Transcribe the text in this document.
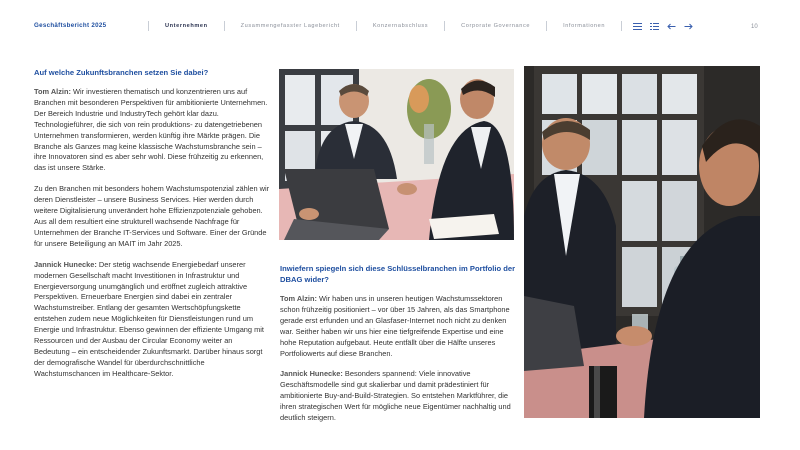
Geschäftsbericht 2025	Unternehmen	Zusammengefasster Lagebericht	Konzernabschluss	Corporate Governance	Informationen	10
Auf welche Zukunftsbranchen setzen Sie dabei?

Tom Alzin: Wir investieren thematisch und konzentrieren uns auf Branchen mit besonderen Perspektiven für ambitionierte Unternehmen. Der Bereich Industrie und IndustryTech gehört klar dazu. Technologieführer, die sich von rein produktions- zu datengetriebenen Unternehmen transformieren, werden künftig ihre Märkte prägen. Die Branche als Ganzes mag keine klassische Wachstumsbranche sein – ihre Innovatoren sind es aber sehr wohl. Diese frühzeitig zu erkennen, das ist unsere Stärke.

Zu den Branchen mit besonders hohem Wachstumspotenzial zählen wir deren Dienstleister – unsere Business Services. Hier werden durch weitere Digitalisierung unverändert hohe Effizienzpotenziale gehoben. Aus all dem resultiert eine strukturell wachsende Nachfrage für Unternehmen der Branche IT-Services und Software. Einer der Gründe für unsere Beteiligung an MAIT im Jahr 2025.

Jannick Hunecke: Der stetig wachsende Energiebedarf unserer modernen Gesellschaft macht Investitionen in Infrastruktur und Energieversorgung unumgänglich und eröffnet zugleich attraktive Perspektiven. Erneuerbare Energien sind dabei ein zentraler Wachstumstreiber. Entlang der gesamten Wertschöpfungskette entstehen zudem neue Möglichkeiten für Dienstleistungen rund um Energie und Infrastruktur. Ebenso gewinnen der effiziente Umgang mit Ressourcen und der Ausbau der Circular Economy weiter an Bedeutung – ein entscheidender Zukunftsmarkt. Darüber hinaus sorgt der demografische Wandel für überdurchschnittliche Wachstumschancen im Healthcare-Sektor.

Inwiefern spiegeln sich diese Schlüsselbranchen im Portfolio der DBAG wider?

Tom Alzin: Wir haben uns in unseren heutigen Wachstumssektoren schon frühzeitig positioniert – vor über 15 Jahren, als das Smartphone gerade erst erfunden und an Glasfaser-Internet noch nicht zu denken war. Seither haben wir uns hier eine tiefgreifende Expertise und eine hohe Reputation aufgebaut. Heute entfällt über die Hälfte unseres Portfoliowerts auf diese Branchen.

Jannick Hunecke: Besonders spannend: Viele innovative Geschäftsmodelle sind gut skalierbar und damit prädestiniert für ambitionierte Buy-and-Build-Strategien. So entstehen Marktführer, die ihren strategischen Wert für mögliche neue Eigentümer nachhaltig und deutlich steigern.
